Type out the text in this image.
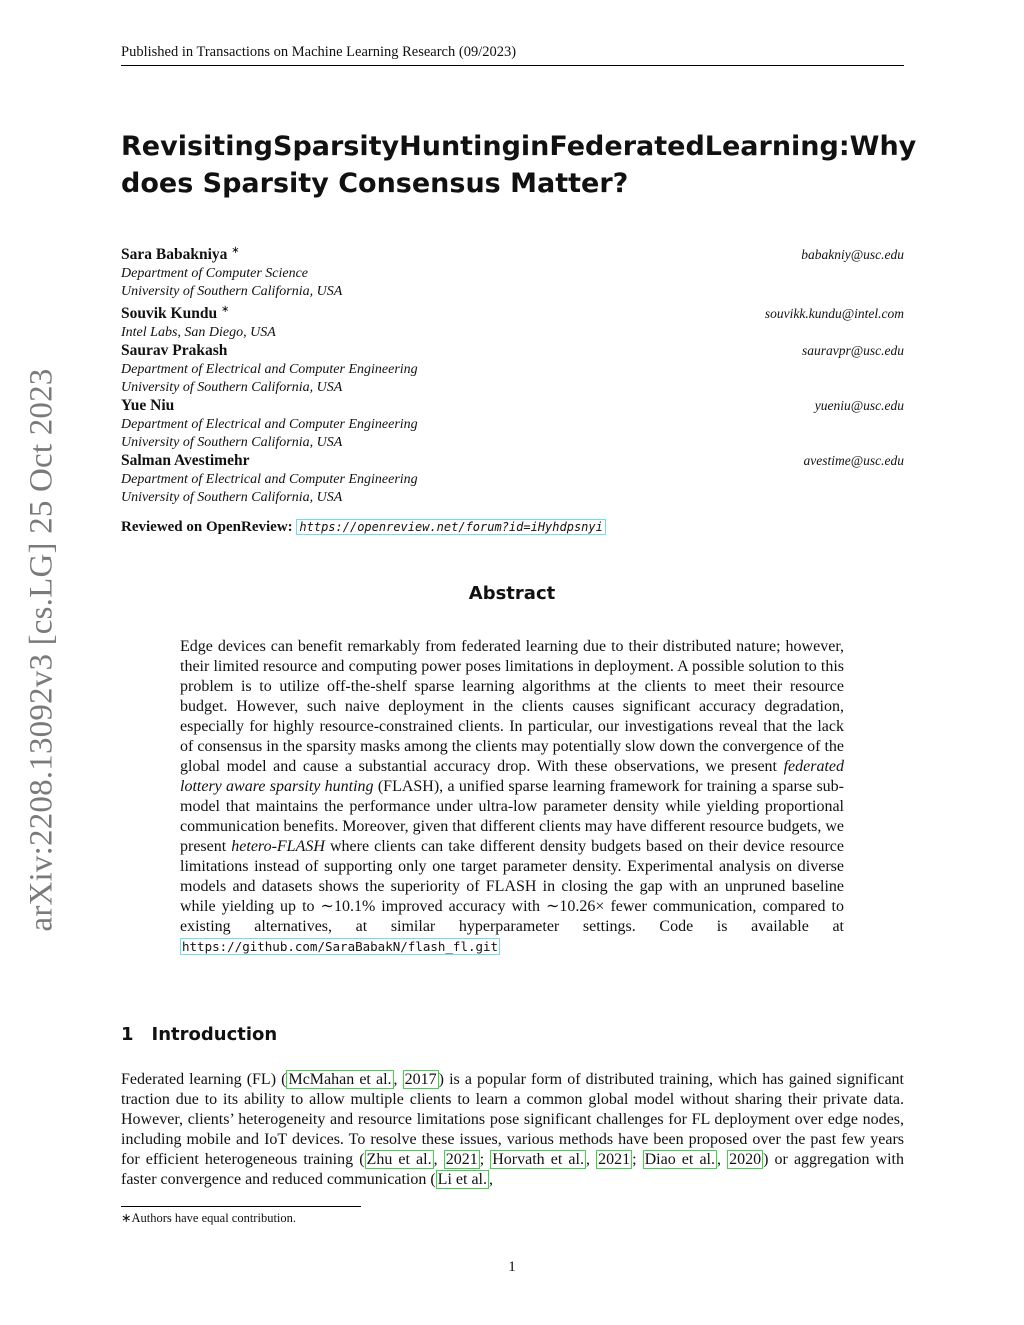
Published in Transactions on Machine Learning Research (09/2023)
arXiv:2208.13092v3 [cs.LG] 25 Oct 2023
Revisiting Sparsity Hunting in Federated Learning: Why
does Sparsity Consensus Matter?
Sara Babakniya ∗	babakniy@usc.edu
Department of Computer Science
University of Southern California, USA
Souvik Kundu ∗	souvikk.kundu@intel.com
Intel Labs, San Diego, USA
Saurav Prakash	sauravpr@usc.edu
Department of Electrical and Computer Engineering
University of Southern California, USA
Yue Niu	yueniu@usc.edu
Department of Electrical and Computer Engineering
University of Southern California, USA
Salman Avestimehr	avestime@usc.edu
Department of Electrical and Computer Engineering
University of Southern California, USA
Reviewed on OpenReview: https://openreview.net/forum?id=iHyhdpsnyi
Abstract

Edge devices can benefit remarkably from federated learning due to their distributed nature; however, their limited resource and computing power poses limitations in deployment. A possible solution to this problem is to utilize off-the-shelf sparse learning algorithms at the clients to meet their resource budget. However, such naive deployment in the clients causes significant accuracy degradation, especially for highly resource-constrained clients. In particular, our investigations reveal that the lack of consensus in the sparsity masks among the clients may potentially slow down the convergence of the global model and cause a substantial accuracy drop. With these observations, we present federated lottery aware sparsity hunting (FLASH), a unified sparse learning framework for training a sparse sub-model that maintains the performance under ultra-low parameter density while yielding proportional communication benefits. Moreover, given that different clients may have different resource budgets, we present hetero-FLASH where clients can take different density budgets based on their device resource limitations instead of supporting only one target parameter density. Experimental analysis on diverse models and datasets shows the superiority of FLASH in closing the gap with an unpruned baseline while yielding up to ∼10.1% improved accuracy with ∼10.26× fewer communication, compared to existing alternatives, at similar hyperparameter settings. Code is available at https://github.com/SaraBabakN/flash_fl.git

1 Introduction

Federated learning (FL) ( McMahan et al. , 2017 ) is a popular form of distributed training, which has gained significant traction due to its ability to allow multiple clients to learn a common global model without sharing their private data. However, clients’ heterogeneity and resource limitations pose significant challenges for FL deployment over edge nodes, including mobile and IoT devices. To resolve these issues, various methods have been proposed over the past few years for efficient heterogeneous training ( Zhu et al. , 2021 ; Horvath et al. , 2021 ; Diao et al. , 2020 ) or aggregation with faster convergence and reduced communication ( Li et al. ,

∗Authors have equal contribution.
1
